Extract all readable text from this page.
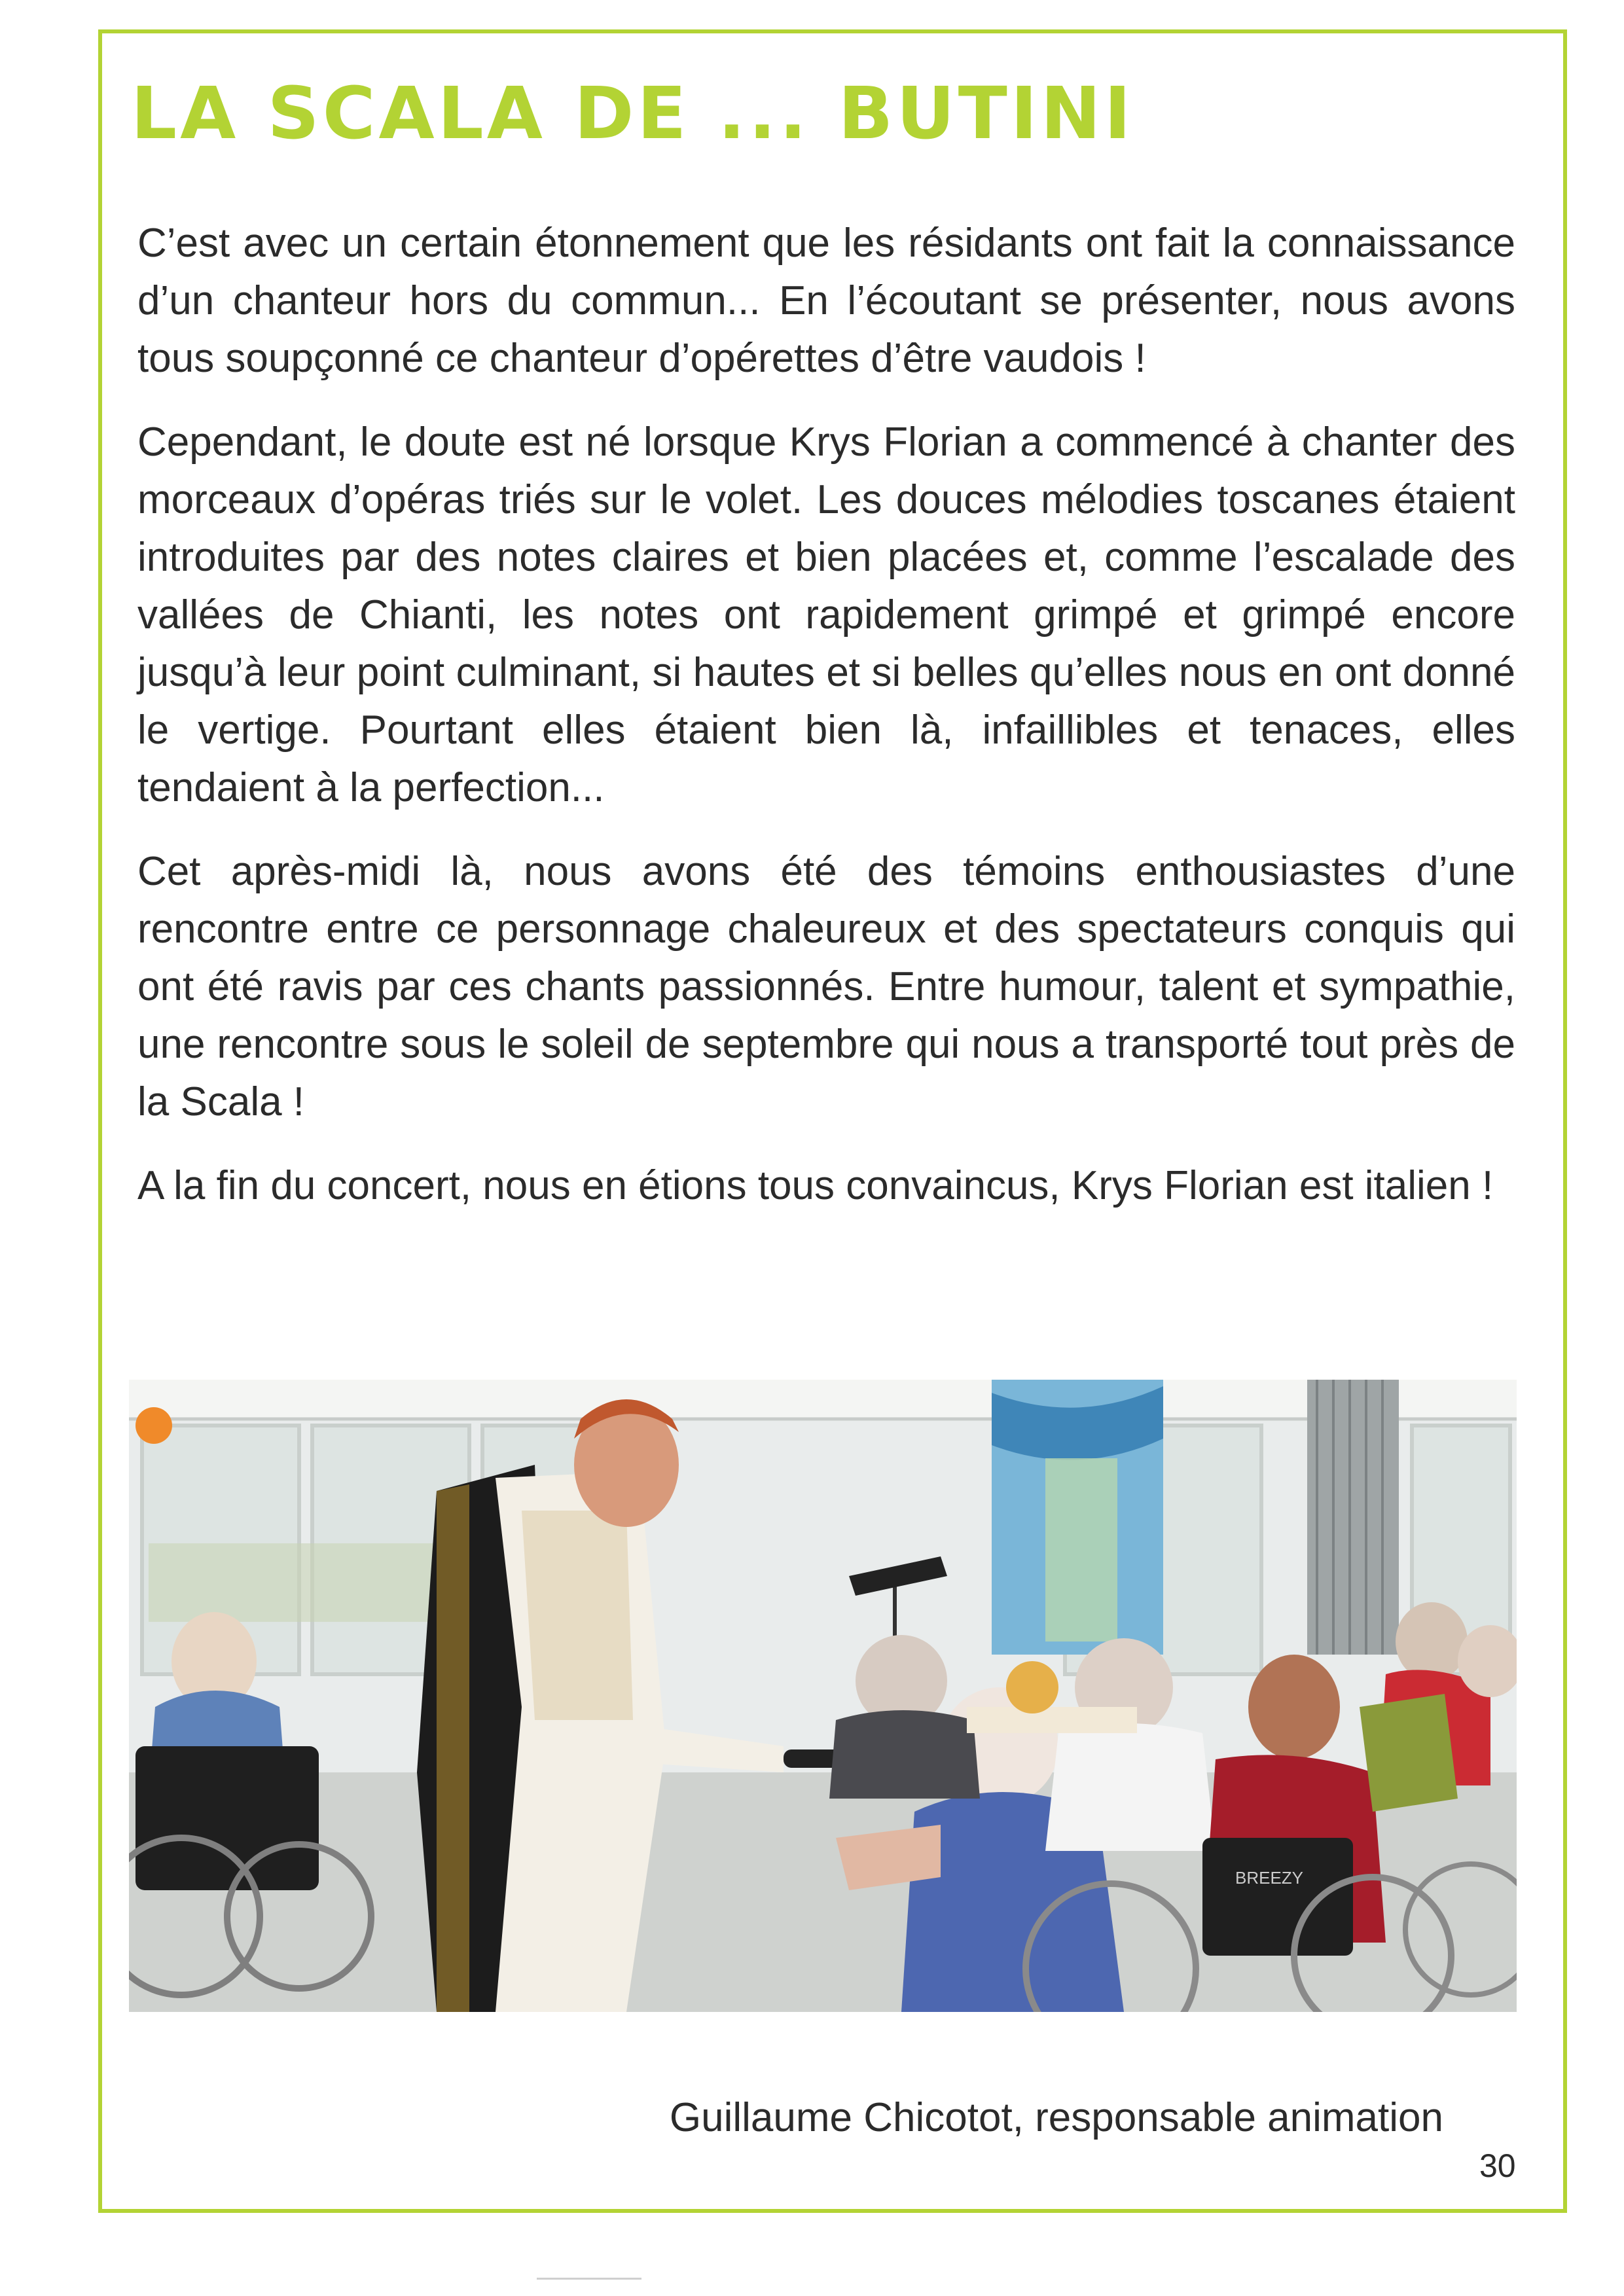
LA SCALA DE ... BUTINI

C’est avec un certain étonnement que les résidants ont fait la connaissance d’un chanteur hors du commun... En l’écoutant se présenter, nous avons tous soupçonné ce chanteur d’opérettes d’être vaudois !

Cependant, le doute est né lorsque Krys Florian a commencé à chanter des morceaux d’opéras triés sur le volet. Les douces mélodies toscanes étaient introduites par des notes claires et bien placées et, comme l’escalade des vallées de Chianti, les notes ont rapidement grimpé et grimpé encore jusqu’à leur point culminant, si hautes et si belles qu’elles nous en ont donné le vertige. Pourtant elles étaient bien là, infaillibles et tenaces, elles tendaient à la perfection...

Cet après-midi là, nous avons été des témoins enthousiastes d’une rencontre entre ce personnage chaleureux et des spectateurs conquis qui ont été ravis par ces chants passionnés. Entre humour, talent et sympathie, une rencontre sous le soleil de septembre qui nous a transporté tout près de la Scala !

A la fin du concert, nous en étions tous convaincus, Krys Florian est italien !

BREEZY
Guillaume Chicotot, responsable animation
30
